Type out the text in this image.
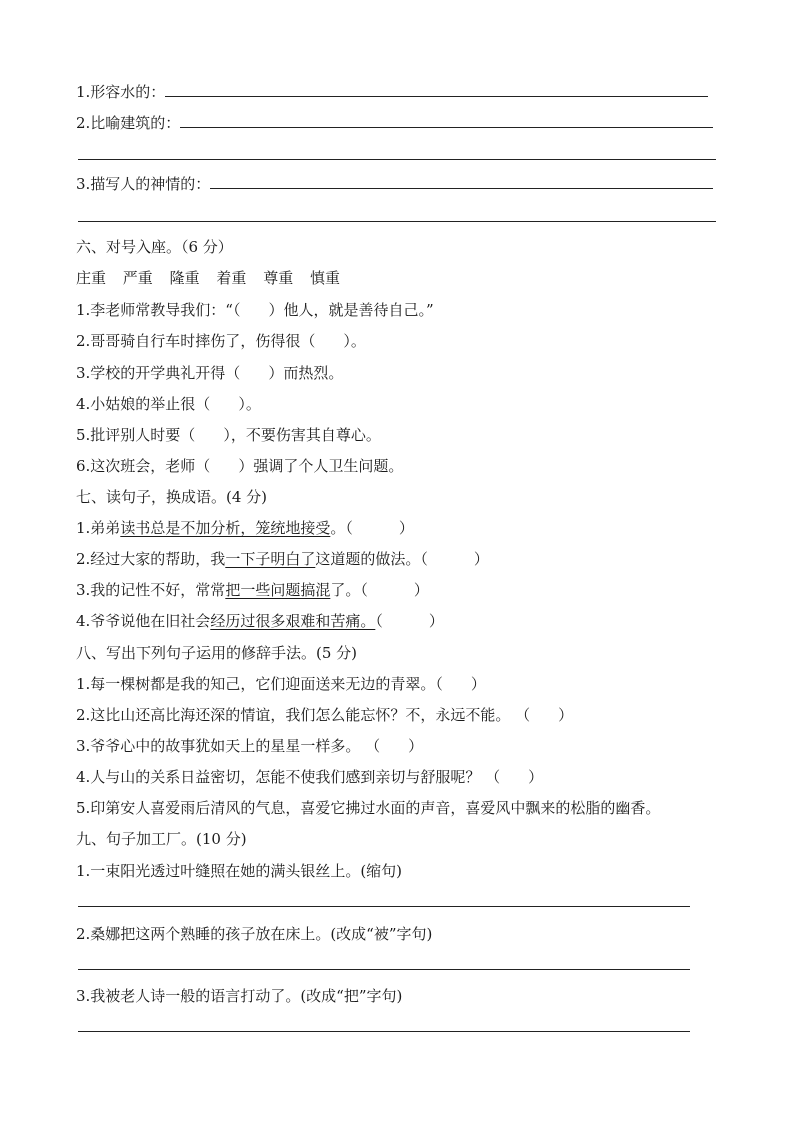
1.形容水的：
2.比喻建筑的：
3.描写人的神情的：
六、对号入座。（6 分）
庄重 严重 隆重 着重 尊重 慎重
1.李老师常教导我们：“（ ）他人，就是善待自己。”
2.哥哥骑自行车时摔伤了，伤得很（ ）。
3.学校的开学典礼开得（ ）而热烈。
4.小姑娘的举止很（ ）。
5.批评别人时要（ ），不要伤害其自尊心。
6.这次班会，老师（ ）强调了个人卫生问题。
七、读句子，换成语。(4 分)
1.弟弟读书总是不加分析，笼统地接受。（	）
2.经过大家的帮助，我一下子明白了这道题的做法。（	）
3.我的记性不好，常常把一些问题搞混了。（	）
4.爷爷说他在旧社会经历过很多艰难和苦痛。（	）
八、写出下列句子运用的修辞手法。(5 分)
1.每一棵树都是我的知己，它们迎面送来无边的青翠。（ ）
2.这比山还高比海还深的情谊，我们怎么能忘怀？不，永远不能。 （ ）
3.爷爷心中的故事犹如天上的星星一样多。 （ ）
4.人与山的关系日益密切，怎能不使我们感到亲切与舒服呢？ （ ）
5.印第安人喜爱雨后清风的气息，喜爱它拂过水面的声音，喜爱风中飘来的松脂的幽香。
九、句子加工厂。(10 分)
1.一束阳光透过叶缝照在她的满头银丝上。(缩句)
2.桑娜把这两个熟睡的孩子放在床上。(改成“被”字句)
3.我被老人诗一般的语言打动了。(改成“把”字句)
